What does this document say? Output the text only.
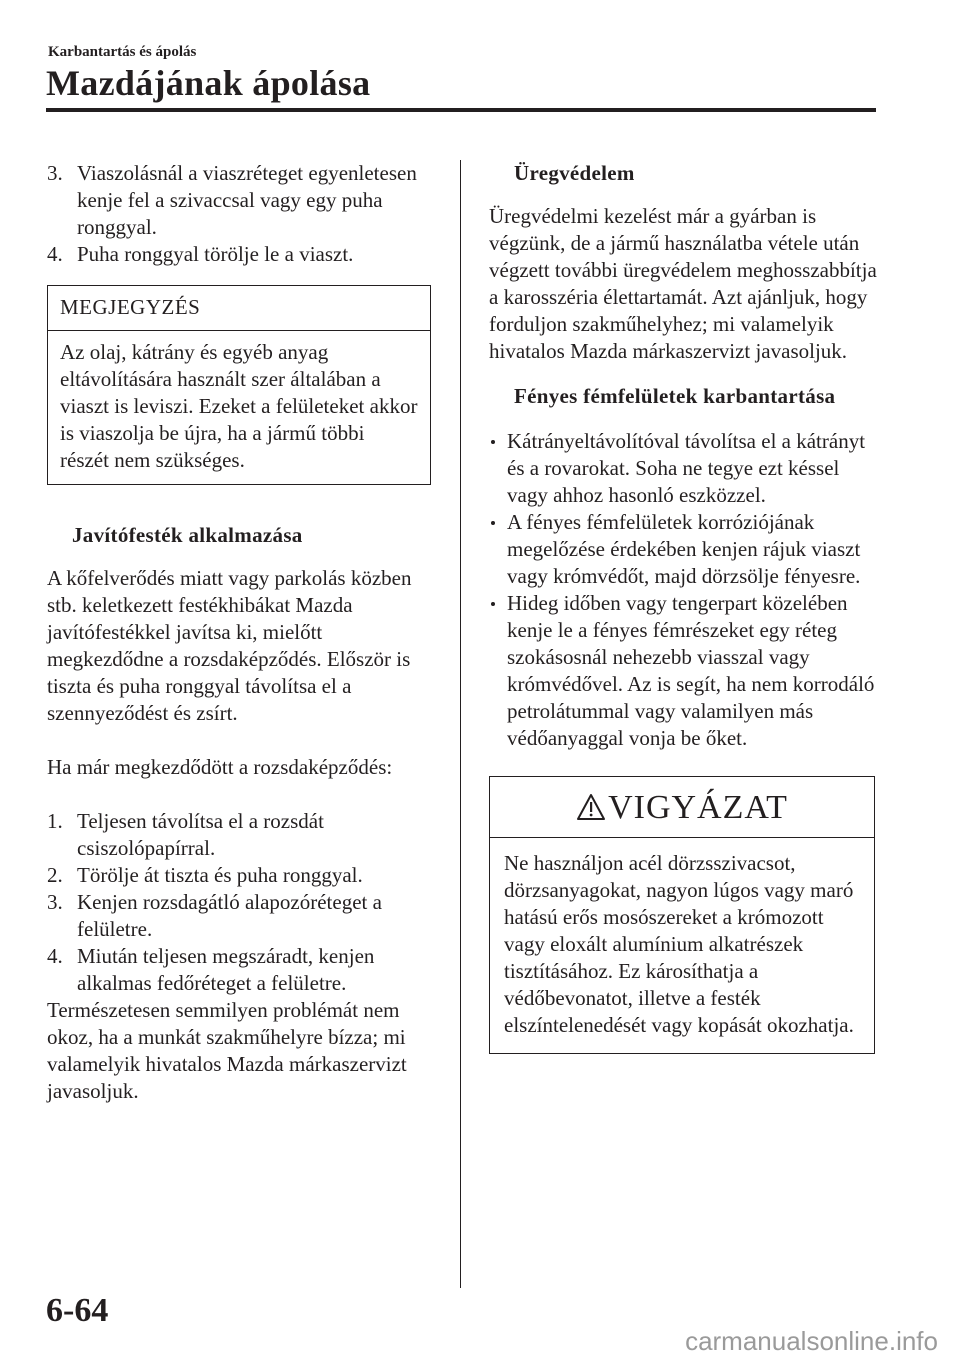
Karbantartás és ápolás
Mazdájának ápolása
3. Viaszolásnál a viaszréteget egyenletesen kenje fel a szivaccsal vagy egy puha ronggyal.
4. Puha ronggyal törölje le a viaszt.
MEGJEGYZÉS
Az olaj, kátrány és egyéb anyag eltávolítására használt szer általában a viaszt is leviszi. Ezeket a felületeket akkor is viaszolja be újra, ha a jármű többi részét nem szükséges.
Javítófesték alkalmazása

A kőfelverődés miatt vagy parkolás közben stb. keletkezett festékhibákat Mazda javítófestékkel javítsa ki, mielőtt megkezdődne a rozsdaképződés. Először is tiszta és puha ronggyal távolítsa el a szennyeződést és zsírt.

Ha már megkezdődött a rozsdaképződés:

1. Teljesen távolítsa el a rozsdát csiszolópapírral.
2. Törölje át tiszta és puha ronggyal.
3. Kenjen rozsdagátló alapozóréteget a felületre.
4. Miután teljesen megszáradt, kenjen alkalmas fedőréteget a felületre.

Természetesen semmilyen problémát nem okoz, ha a munkát szakműhelyre bízza; mi valamelyik hivatalos Mazda márkaszervizt javasoljuk.

Üregvédelem

Üregvédelmi kezelést már a gyárban is végzünk, de a jármű használatba vétele után végzett további üregvédelem meghosszabbítja a karosszéria élettartamát. Azt ajánljuk, hogy forduljon szakműhelyhez; mi valamelyik hivatalos Mazda márkaszervizt javasoljuk.

Fényes fémfelületek karbantartása
Kátrányeltávolítóval távolítsa el a kátrányt és a rovarokat. Soha ne tegye ezt késsel vagy ahhoz hasonló eszközzel.
A fényes fémfelületek korróziójának megelőzése érdekében kenjen rájuk viaszt vagy krómvédőt, majd dörzsölje fényesre.
Hideg időben vagy tengerpart közelében kenje le a fényes fémrészeket egy réteg szokásosnál nehezebb viasszal vagy krómvédővel. Az is segít, ha nem korrodáló petrolátummal vagy valamilyen más védőanyaggal vonja be őket.
VIGYÁZAT
Ne használjon acél dörzsszivacsot, dörzsanyagokat, nagyon lúgos vagy maró hatású erős mosószereket a krómozott vagy eloxált alumínium alkatrészek tisztításához. Ez károsíthatja a védőbevonatot, illetve a festék elszíntelenedését vagy kopását okozhatja.
6-64
carmanualsonline.info
